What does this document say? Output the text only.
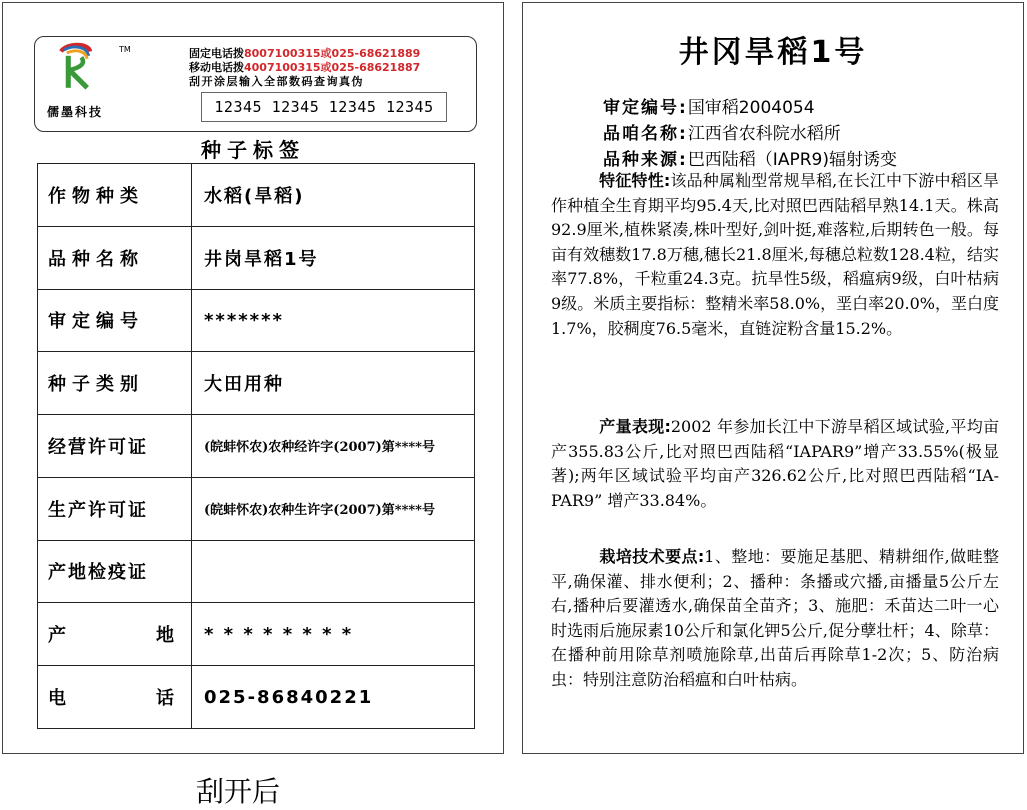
TM
儒墨科技
固定电话拨8007100315或025-68621889
移动电话拨4007100315或025-68621887
刮开涂层输入全部数码查询真伪
12345 12345 12345 12345
种子标签
作物种类	水稻(旱稻)
品种名称	井岗旱稻1号
审定编号	*******
种子类别	大田用种
经营许可证	(皖蚌怀农)农种经许字(2007)第****号
生产许可证	(皖蚌怀农)农种生许字(2007)第****号
产地检疫证	

产 地	* * * * * * * *

电 话	025-86840221
刮开后
井冈旱稻1号
审定编号:国审稻2004054
品咱名称:江西省农科院水稻所
品种来源:巴西陆稻（IAPR9)辐射诱变
特征特性:该品种属籼型常规旱稻,在长江中下游中稻区旱作种植全生育期平均95.4天,比对照巴西陆稻早熟14.1天。株高92.9厘米,植株紧凑,株叶型好,剑叶挺,难落粒,后期转色一般。每亩有效穗数17.8万穗,穗长21.8厘米,每穗总粒数128.4粒，结实率77.8%，千粒重24.3克。抗旱性5级，稻瘟病9级，白叶枯病9级。米质主要指标：整精米率58.0%，垩白率20.0%，垩白度1.7%，胶稠度76.5毫米，直链淀粉含量15.2%。
产量表现:2002 年参加长江中下游旱稻区域试验,平均亩产355.83公斤,比对照巴西陆稻“IAPAR9”增产33.55%(极显著);两年区域试验平均亩产326.62公斤,比对照巴西陆稻“IA-PAR9” 增产33.84%。
栽培技术要点:1、整地：要施足基肥、精耕细作,做畦整平,确保灌、排水便利；2、播种：条播或穴播,亩播量5公斤左右,播种后要灌透水,确保苗全苗齐；3、施肥：禾苗达二叶一心时选雨后施尿素10公斤和氯化钾5公斤,促分孽壮杆；4、除草：在播种前用除草剂喷施除草,出苗后再除草1-2次；5、防治病虫：特别注意防治稻瘟和白叶枯病。
